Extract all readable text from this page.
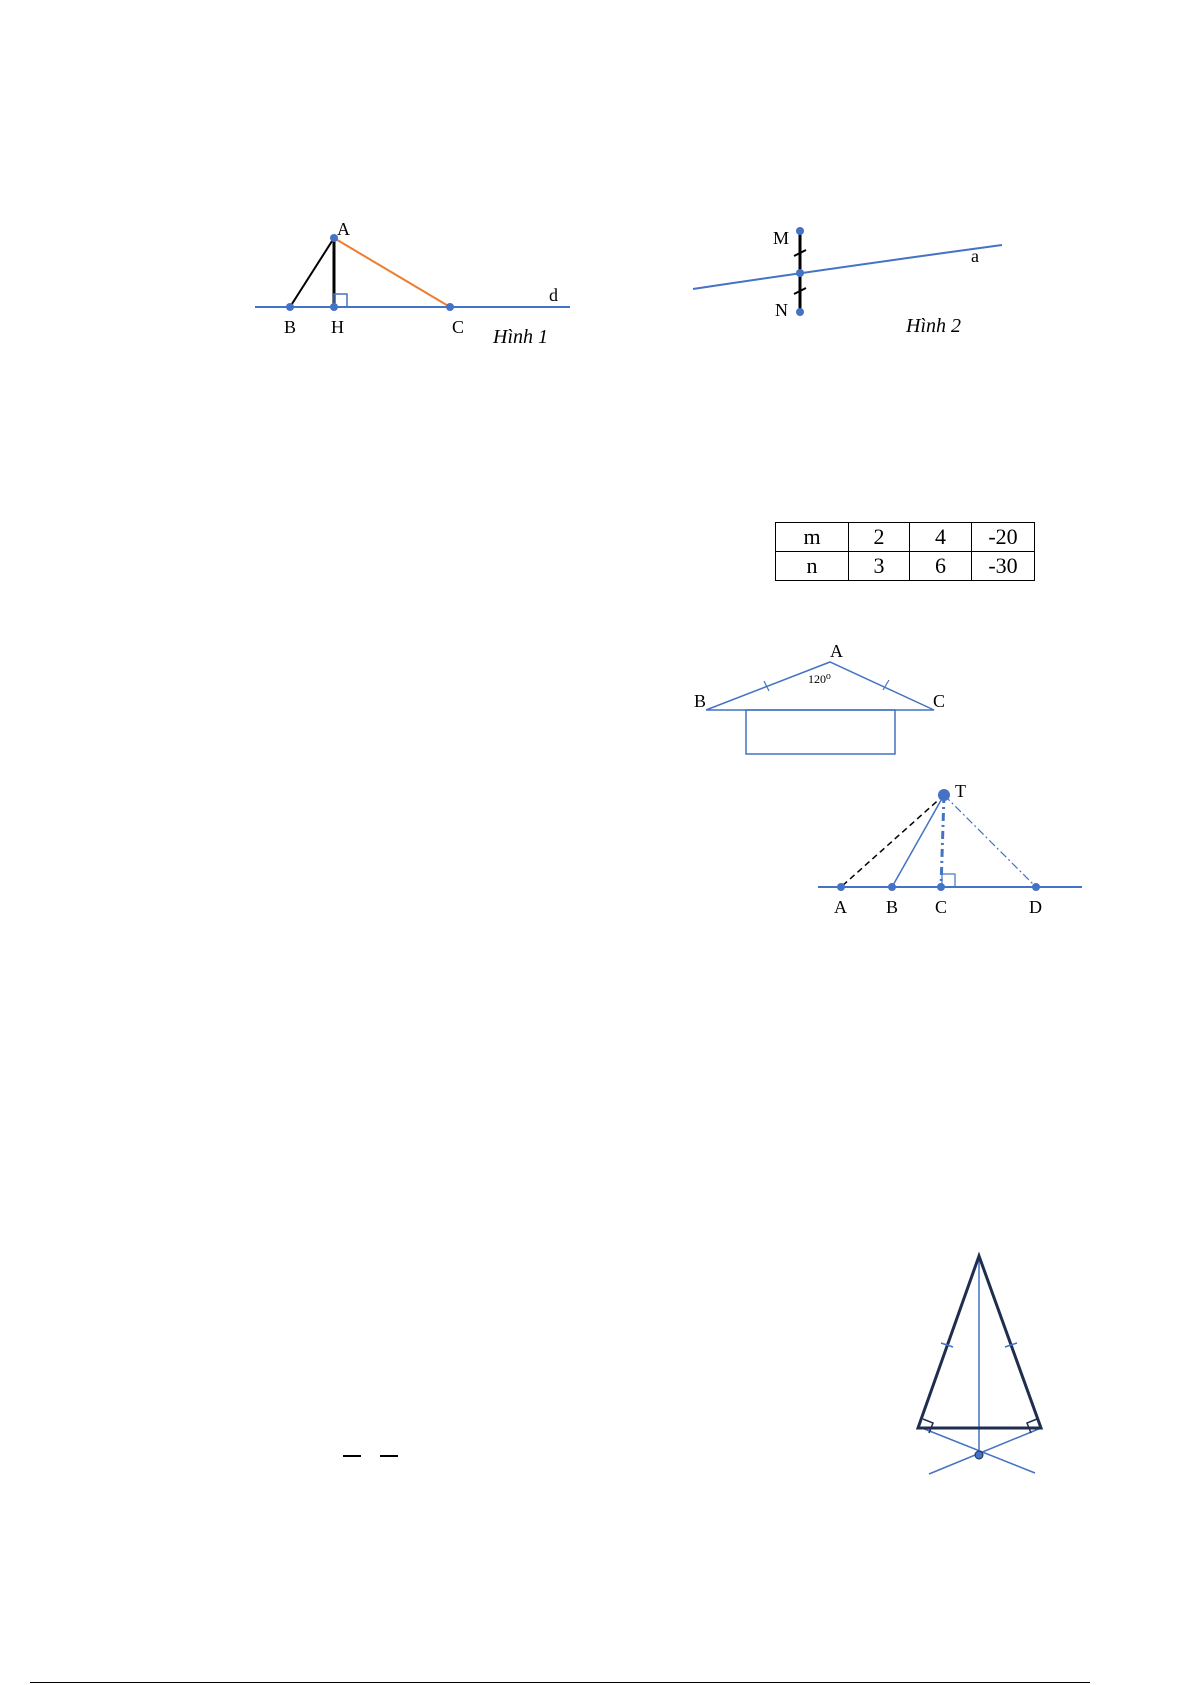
A
B H	C
d
Hình 1
M
N
a
Hình 2
m	2	4	-20
n	3	6	-30
A
B	C
120⁰
T
A B C	D
